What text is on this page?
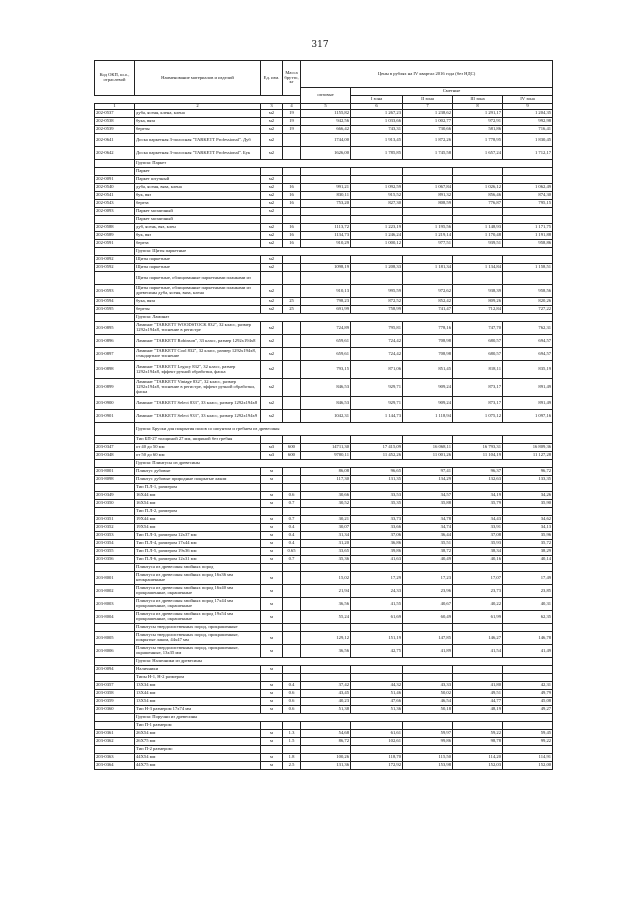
317
Код ОКП, ш.о., отраслевой	Наименование материалов и изделий	Ед. изм.	Масса брутто, кг	Цены в рублях на IV квартал 2016 года (без НДС)				
				оптовые	Сметные			
					I зона	II зона	III зона	IV зона
1	2	3	4	5	6	7	8	9
202-0537	дуба, ясеня, клена, клена	м2	19	1155,82	1 267,23	1 238,62	1 291,17	1 204,35
202-0538	бука, вяза	м2	19	942,56	1 033,66	1 002,77	972,91	992,98
202-0539	березы	м2	19	666,42	743,31	730,66	581,86	716,41
202-0641	Доска паркетная 3-полосная "TARKETT Professional". Дуб	м2		1744,00	1 913,45	1 872,26	1 778,95	1 830,45
202-0642	Доска паркетная 3-полосная "TARKETT Professional". Бук	м2		1626,00	1 785,85	1 745,58	1 657,24	1 712,17
	Группа: Паркет							
	Паркет							
202-0091	Паркет штучный	м2						
202-0540	дуба, ясеня, вяза, клена	м2	16	991,21	1 092,59	1 067,84	1 026,12	1 062,49
202-0541	бук, вяз	м2	16	830,11	915,52	891,32	856,46	874,30
202-0543	береза	м2	16	753,20	827,30	808,59	776,87	795,15
202-0093	Паркет мозаичный	м2						
	Паркет мозаичный							
202-0588	дуб, ясень, вяз, клен	м2	16	1113,72	1 223,19	1 195,56	1 148,93	1 171,75
202-0589	бук, вяз	м2	16	1134,73	1 246,24	1 219,14	1 170,48	1 191,88
202-0591	береза	м2	16	910,29	1 000,12	977,51	939,51	958,86
	Группа: Щиты паркетные							
203-0092	Щиты паркетные	м2						
203-0592	Щиты паркетные	м2		1098,19	1 208,33	1 181,34	1 134,84	1 158,51
	Щиты паркетные, облицованные паркетными планками из							
203-0593	Щиты паркетные, облицованные паркетными планками из древесины дуба, ясеня, вяза, клена	м2		910,13	995,59	972,62	938,39	958,56
203-0594	бука, вяза	м2	25	798,23	872,52	852,42	809,26	820,26
203-0595	березы	м2	25	691,99	758,99	741,47	712,84	727,22
	Группа: Ламинат							
203-0895	Ламинат "TARKETT WOODSTOCK 832", 32 класс, размер 1292х194х8, тиснение в регистре	м2		724,89	795,81	778,16	747,70	762,31
203-0896	Ламинат "TARKETT Robinson", 33 класс, размер 1292х194х8	м2		659,61	724,42	708,98	680,57	694,57
203-0897	Ламинат "TARKETT Cool 832", 32 класс, размер 1292х194х8, стандартное тиснение	м2		659,61	724,42	708,98	680,57	694,57
203-0898	Ламинат "TARKETT Legacy 832", 32 класс, размер 1292х194х8, эффект ручной обработки, фаска	м2		793,15	871,06	851,45	818,11	835,19
203-0899	Ламинат "TARKETT Vintage 832", 32 класс, размер 1292х194х8, тиснение в регистре, эффект ручной обработки, фаска	м2		846,53	929,71	909,24	873,17	891,49
203-0900	Ламинат "TARKETT Select 833", 33 класс, размер 1292х194х8	м2		846,53	929,71	909,24	873,17	891,49
203-0901	Ламинат "TARKETT Select 933", 33 класс, размер 1292х194х9	м2		1042,31	1 144,73	1 118,94	1 075,12	1 097,16
	Группа: Бруски для покрытия полов со шпунтом и гребнем из древесины							
	Тип БП-27 толщиной 27 мм, шириной без гребня							
203-0347	от 40 до 50 мм	м3	600	14711,30	17 415,09	16 068,11	16 793,31	16 809,36
203-0348	от 50 до 60 мм	м3	600	9700,11	11 452,26	11 001,26	11 104,19	11 127,28
	Группа: Плинтусы из древесины							
203-8001	Плинтус дубовые	м		86,08	96,65	97,41	96,37	96,72
203-8098	Плинтус дубовые природные покрытые лаком	м		117,30	131,35	134,29	132,63	133,35
	Тип П.Л-1, размером							
203-0349	16Х44 мм	м	0.6	30,66	33,53	34,57	34,19	34,26
203-0350	16Х54 мм	м	0.7	30,52	35,35	35,88	35,79	35,90
	Тип П.Л-2, размером							
203-0351	19Х44 мм	м	0.7	30,21	33,73	34,78	34,43	34,62
203-0352	19Х54 мм	м	0.4	30,07	33,66	34,74	33,91	34,13
203-0353	Тип П.Л-3, размером 12х37 мм	м	0.4	31,34	37,06	36,44	37,08	35,96
203-0354	Тип П.Л-4, размером 17х44 мм	м	0.4	31,20	36,86	35,51	35,93	35,72
203-0355	Тип П.Л-5, размером 19х36 мм	м	0.65	33,65	39,86	38,72	38,34	38,29
203-0356	Тип П.Л-6, размером 12х31 мм	м	0.7	35,36	41,63	40,49	40,16	40,14
	Плинтуса из древесины хвойных пород							
203-8001	Плинтуса из древесины хвойных пород 16х36 мм неокрашенные	м		15,02	17,29	17,23	17,07	17,49
203-8002	Плинтуса из древесины хвойных пород 16х40 мм прокрашенные, окрашенные	м		21,94	24,33	23,96	23,73	23,85
203-8003	Плинтуса из древесины хвойных пород 17х44 мм прокрашенные, окрашенные	м		36,56	41,55	40,67	40,22	40,31
203-8004	Плинтуса из древесины хвойных пород 19х54 мм прокрашенные, окрашенные	м		55,24	61,69	60,49	61,99	62,35
	Плинтусы твердолиственных пород, прокрашенные							
203-8005	Плинтусы твердолиственных пород, прокрашенные, покрытые лаком, 44х47 мм	м		129,12	151,19	147,85	146,27	146,78
203-8006	Плинтусы твердолиственных пород, прокрашенные, окрашенные, 13х35 мм	м		36,56	42,75	41,89	41,54	41,49
	Группа: Наличники из древесины							
203-0094	Наличники	м						
	Типы Н-1, Н-2 размером							
203-0357	13Х34 мм	м	0.4	37,42	44,32	43,33	41,80	42,31
203-0358	13Х44 мм	м	0.6	43,45	51,46	50,02	49,51	49,79
203-0359	13Х54 мм	м	0.6	40,23	47,66	46,54	44,77	45,08
203-0360	Тип Н-3 размером 17х74 мм	м	0.6	51,38	51,36	50,18	48,19	49,27
	Группа: Поручни из древесины							
	Тип П-1 размером							
203-0361	26Х54 мм	м	1.3	54,68	61,61	59,97	59,22	59,45
203-0362	26Х75 мм	м	1.5	86,72	102,61	99,86	98,78	99,22
	Тип П-2 размером:							
203-0363	44Х54 мм	м	1.8	100,26	118,70	115,50	114,20	114,91
203-0364	44Х75 мм	м	2.5	131,36	172,92	153,98	152,03	152,00
